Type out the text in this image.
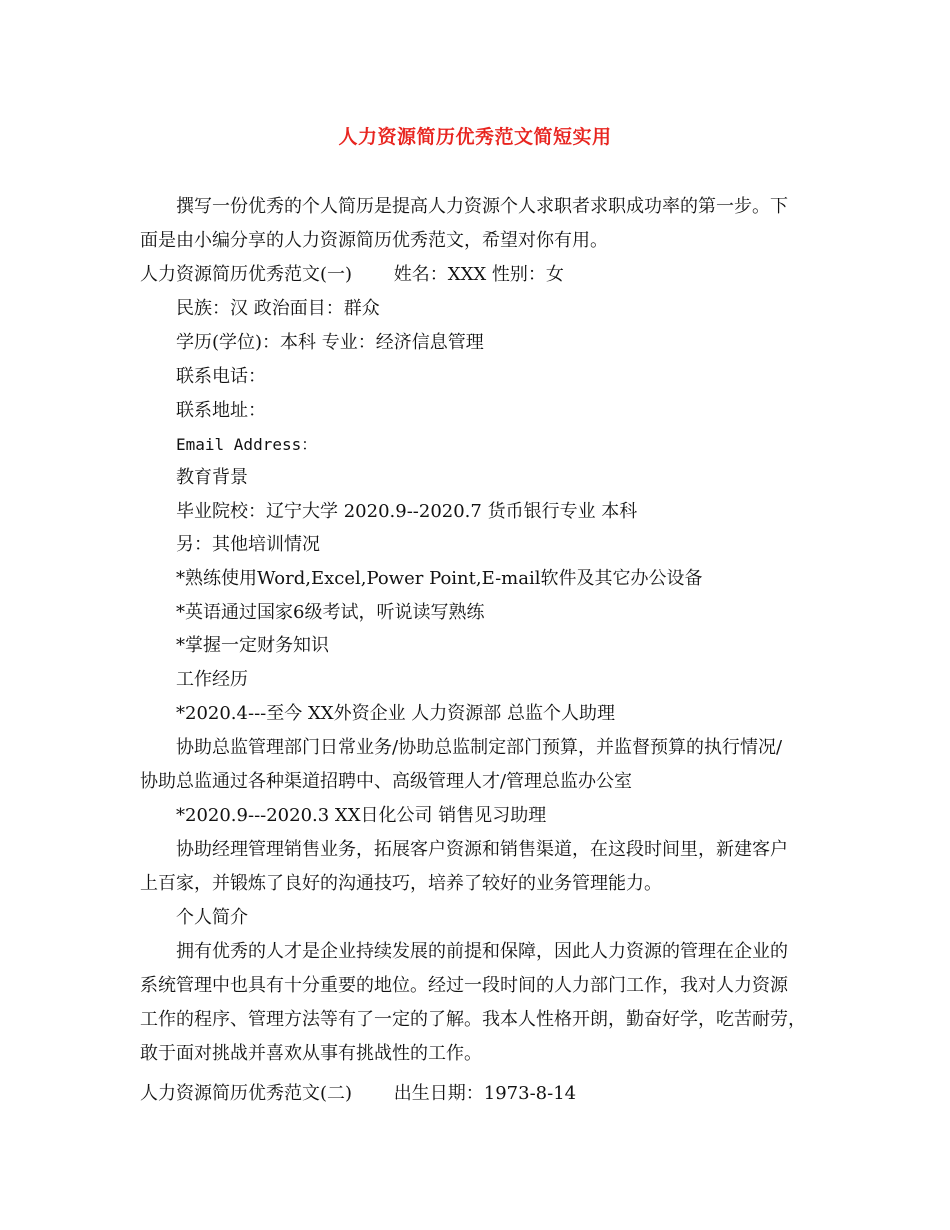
人力资源简历优秀范文简短实用
撰写一份优秀的个人简历是提高人力资源个人求职者求职成功率的第一步。下
面是由小编分享的人力资源简历优秀范文，希望对你有用。
人力资源简历优秀范文(一)　　 姓名：XXX 性别：女
民族：汉 政治面目：群众
学历(学位)：本科 专业：经济信息管理
联系电话：
联系地址：
Email Address：
教育背景
毕业院校：辽宁大学 2020.9--2020.7 货币银行专业 本科
另：其他培训情况
*熟练使用Word,Excel,Power Point,E-mail软件及其它办公设备
*英语通过国家6级考试，听说读写熟练
*掌握一定财务知识
工作经历
*2020.4---至今 XX外资企业 人力资源部 总监个人助理
协助总监管理部门日常业务/协助总监制定部门预算，并监督预算的执行情况/
协助总监通过各种渠道招聘中、高级管理人才/管理总监办公室
*2020.9---2020.3 XX日化公司 销售见习助理
协助经理管理销售业务，拓展客户资源和销售渠道，在这段时间里，新建客户
上百家，并锻炼了良好的沟通技巧，培养了较好的业务管理能力。
个人简介
拥有优秀的人才是企业持续发展的前提和保障，因此人力资源的管理在企业的
系统管理中也具有十分重要的地位。经过一段时间的人力部门工作，我对人力资源
工作的程序、管理方法等有了一定的了解。我本人性格开朗，勤奋好学，吃苦耐劳，
敢于面对挑战并喜欢从事有挑战性的工作。
人力资源简历优秀范文(二)　　 出生日期：1973-8-14
